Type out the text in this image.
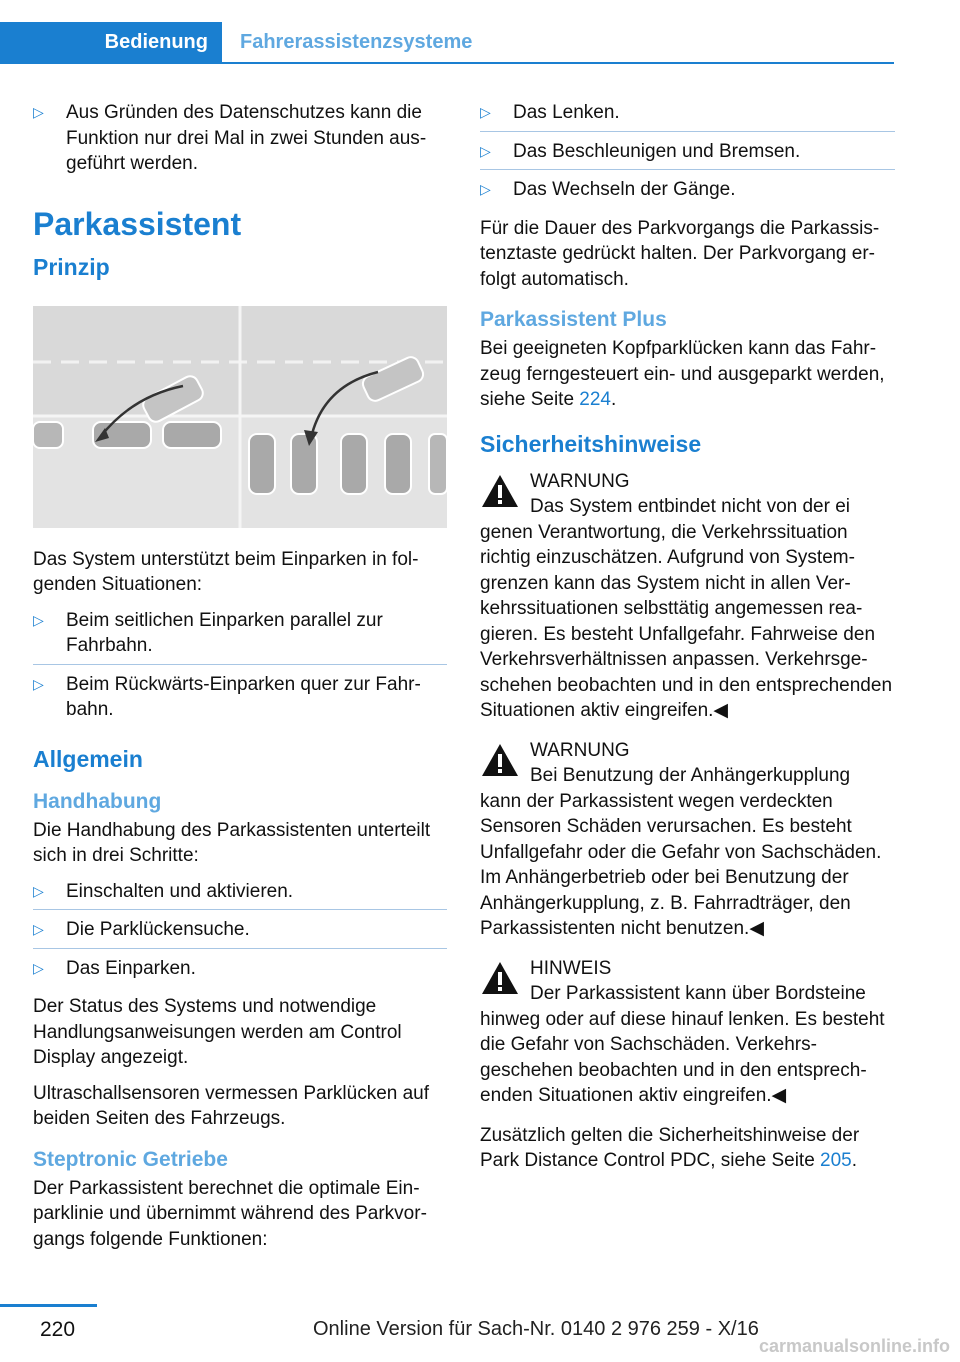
Bedienung	Fahrerassistenzsysteme
▷ Aus Gründen des Datenschutzes kann die Funktion nur drei Mal in zwei Stunden ausgeführt werden.
Parkassistent
Prinzip

Das System unterstützt beim Einparken in folgenden Situationen:

▷ Beim seitlichen Einparken parallel zur Fahrbahn.
▷ Beim Rückwärts-Einparken quer zur Fahrbahn.
Allgemein
Handhabung

Die Handhabung des Parkassistenten unterteilt sich in drei Schritte:

▷ Einschalten und aktivieren.
▷ Die Parklückensuche.
▷ Das Einparken.

Der Status des Systems und notwendige Handlungsanweisungen werden am Control Display angezeigt.

Ultraschallsensoren vermessen Parklücken auf beiden Seiten des Fahrzeugs.

Steptronic Getriebe

Der Parkassistent berechnet die optimale Einparklinie und übernimmt während des Parkvorgangs folgende Funktionen:

▷ Das Lenken.
▷ Das Beschleunigen und Bremsen.
▷ Das Wechseln der Gänge.

Für die Dauer des Parkvorgangs die Parkassistenztaste gedrückt halten. Der Parkvorgang erfolgt automatisch.

Parkassistent Plus

Bei geeigneten Kopfparklücken kann das Fahrzeug ferngesteuert ein- und ausgeparkt werden, siehe Seite 224.

Sicherheitshinweise
WARNUNG
Das System entbindet nicht von der ei
genen Verantwortung, die Verkehrssituation richtig einzuschätzen. Aufgrund von Systemgrenzen kann das System nicht in allen Verkehrssituationen selbsttätig angemessen reagieren. Es besteht Unfallgefahr. Fahrweise den Verkehrsverhältnissen anpassen. Verkehrsgeschehen beobachten und in den entsprechenden Situationen aktiv eingreifen.◀
WARNUNG
Bei Benutzung der Anhängerkupplung
kann der Parkassistent wegen verdeckten Sensoren Schäden verursachen. Es besteht Unfallgefahr oder die Gefahr von Sachschäden. Im Anhängerbetrieb oder bei Benutzung der Anhängerkupplung, z. B. Fahrradträger, den Parkassistenten nicht benutzen.◀
HINWEIS
Der Parkassistent kann über Bordsteine
hinweg oder auf diese hinauf lenken. Es besteht die Gefahr von Sachschäden. Verkehrsgeschehen beobachten und in den entsprechenden Situationen aktiv eingreifen.◀

Zusätzlich gelten die Sicherheitshinweise der Park Distance Control PDC, siehe Seite 205.

220	Online Version für Sach-Nr. 0140 2 976 259 - X/16
carmanualsonline.info
